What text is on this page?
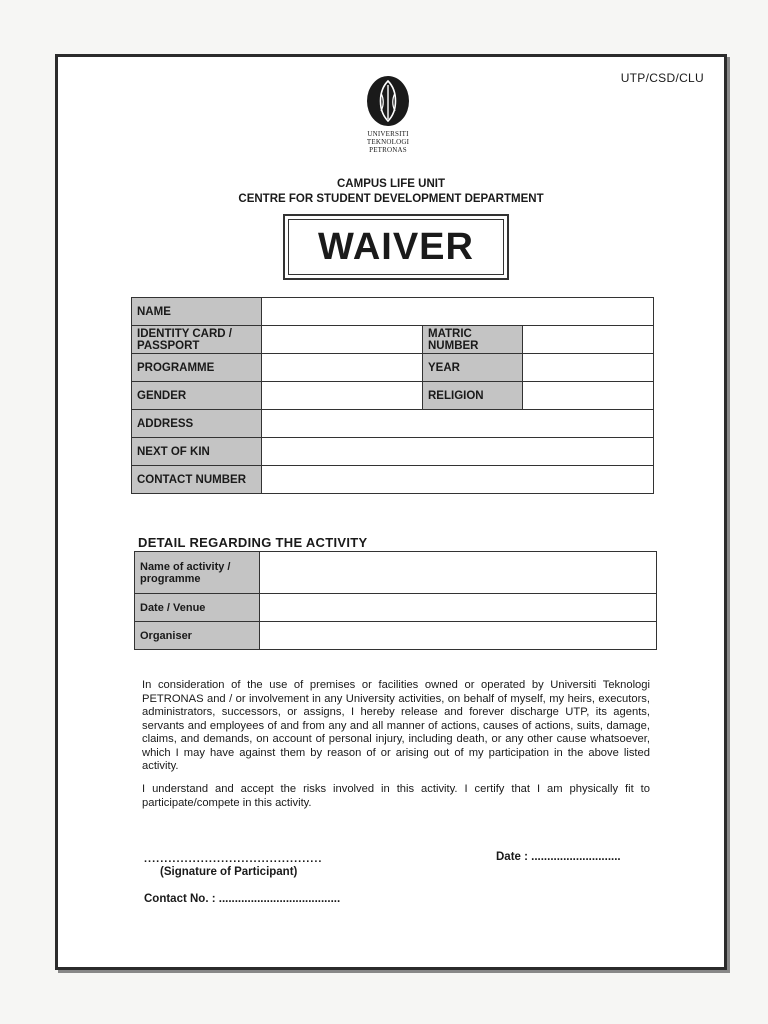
UTP/CSD/CLU
UNIVERSITI
TEKNOLOGI
PETRONAS
CAMPUS LIFE UNIT
CENTRE FOR STUDENT DEVELOPMENT DEPARTMENT
WAIVER
NAME			
IDENTITY CARD / PASSPORT		MATRIC NUMBER	
PROGRAMME		YEAR	
GENDER		RELIGION	
ADDRESS			
NEXT OF KIN			
CONTACT NUMBER			
DETAIL REGARDING THE ACTIVITY
Name of activity / programme	
Date / Venue	
Organiser	
In consideration of the use of premises or facilities owned or operated by Universiti Teknologi PETRONAS and / or involvement in any University activities, on behalf of myself, my heirs, executors, administrators, successors, or assigns, I hereby release and forever discharge UTP, its agents, servants and employees of and from any and all manner of actions, causes of actions, suits, damage, claims, and demands, on account of personal injury, including death, or any other cause whatsoever, which I may have against them by reason of or arising out of my participation in the above listed activity.
I understand and accept the risks involved in this activity. I certify that I am physically fit to participate/compete in this activity.
............................................
(Signature of Participant)
Date : ............................
Contact No. : ......................................
